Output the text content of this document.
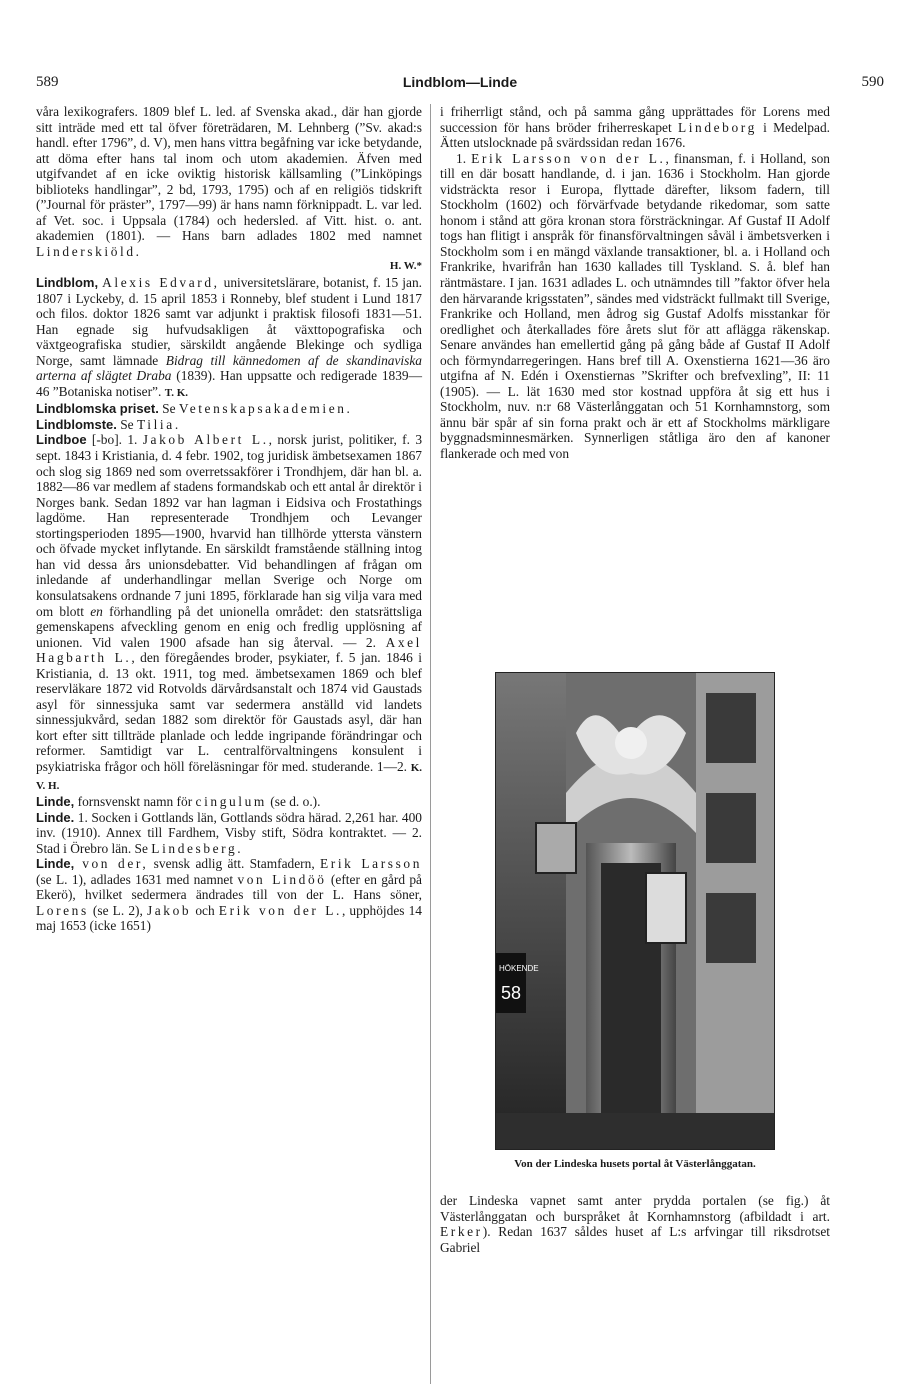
589	Lindblom—Linde	590

våra lexikografers. 1809 blef L. led. af Svenska akad., där han gjorde sitt inträde med ett tal öfver företrädaren, M. Lehnberg (”Sv. akad:s handl. efter 1796”, d. V), men hans vittra begåfning var icke betydande, att döma efter hans tal inom och utom akademien. Äfven med utgifvandet af en icke oviktig historisk källsamling (”Linköpings biblioteks handlingar”, 2 bd, 1793, 1795) och af en religiös tidskrift (”Journal för präster”, 1797—99) är hans namn förknippadt. L. var led. af Vet. soc. i Uppsala (1784) och hedersled. af Vitt. hist. o. ant. akademien (1801). — Hans barn adlades 1802 med namnet Linderskiöld.
H. W.*

Lindblom, Alexis Edvard, universitetslärare, botanist, f. 15 jan. 1807 i Lyckeby, d. 15 april 1853 i Ronneby, blef student i Lund 1817 och filos. doktor 1826 samt var adjunkt i praktisk filosofi 1831—51. Han egnade sig hufvudsakligen åt växttopografiska och växtgeografiska studier, särskildt angående Blekinge och sydliga Norge, samt lämnade Bidrag till kännedomen af de skandinaviska arterna af slägtet Draba (1839). Han uppsatte och redigerade 1839—46 ”Botaniska notiser”. T. K.

Lindblomska priset. Se Vetenskapsakademien.

Lindblomste. Se Tilia.

Lindboe [-bo]. 1. Jakob Albert L., norsk jurist, politiker, f. 3 sept. 1843 i Kristiania, d. 4 febr. 1902, tog juridisk ämbetsexamen 1867 och slog sig 1869 ned som overretssakförer i Trondhjem, där han bl. a. 1882—86 var medlem af stadens formandskab och ett antal år direktör i Norges bank. Sedan 1892 var han lagman i Eidsiva och Frostathings lagdöme. Han representerade Trondhjem och Levanger stortingsperioden 1895—1900, hvarvid han tillhörde yttersta vänstern och öfvade mycket inflytande. En särskildt framstående ställning intog han vid dessa års unionsdebatter. Vid behandlingen af frågan om inledande af underhandlingar mellan Sverige och Norge om konsulatsakens ordnande 7 juni 1895, förklarade han sig vilja vara med om blott en förhandling på det unionella området: den statsrättsliga gemenskapens afveckling genom en enig och fredlig upplösning af unionen. Vid valen 1900 afsade han sig återval. — 2. Axel Hagbarth L., den föregåendes broder, psykiater, f. 5 jan. 1846 i Kristiania, d. 13 okt. 1911, tog med. ämbetsexamen 1869 och blef reservläkare 1872 vid Rotvolds därvårdsanstalt och 1874 vid Gaustads asyl för sinnessjuka samt var sedermera anställd vid landets sinnessjukvård, sedan 1882 som direktör för Gaustads asyl, där han kort efter sitt tillträde planlade och ledde ingripande förändringar och reformer. Samtidigt var L. centralförvaltningens konsulent i psykiatriska frågor och höll föreläsningar för med. studerande. 1—2. K. V. H.

Linde, fornsvenskt namn för cingulum (se d. o.).

Linde. 1. Socken i Gottlands län, Gottlands södra härad. 2,261 har. 400 inv. (1910). Annex till Fardhem, Visby stift, Södra kontraktet. — 2. Stad i Örebro län. Se Lindesberg.

Linde, von der, svensk adlig ätt. Stamfadern, Erik Larsson (se L. 1), adlades 1631 med namnet von Lindöö (efter en gård på Ekerö), hvilket sedermera ändrades till von der L. Hans söner, Lorens (se L. 2), Jakob och Erik von der L., upphöjdes 14 maj 1653 (icke 1651)

i friherrligt stånd, och på samma gång upprättades för Lorens med succession för hans bröder friherreskapet Lindeborg i Medelpad. Ätten utslocknade på svärdssidan redan 1676.

1. Erik Larsson von der L., finansman, f. i Holland, son till en där bosatt handlande, d. i jan. 1636 i Stockholm. Han gjorde vidsträckta resor i Europa, flyttade därefter, liksom fadern, till Stockholm (1602) och förvärfvade betydande rikedomar, som satte honom i stånd att göra kronan stora försträckningar. Af Gustaf II Adolf togs han flitigt i anspråk för finansförvaltningen såväl i ämbetsverken i Stockholm som i en mängd växlande transaktioner, bl. a. i Holland och Frankrike, hvarifrån han 1630 kallades till Tyskland. S. å. blef han räntmästare. I jan. 1631 adlades L. och utnämndes till ”faktor öfver hela den härvarande krigsstaten”, sändes med vidsträckt fullmakt till Sverige, Frankrike och Holland, men ådrog sig Gustaf Adolfs misstankar för oredlighet och återkallades före årets slut för att aflägga räkenskap. Senare användes han emellertid gång på gång både af Gustaf II Adolf och förmyndarregeringen. Hans bref till A. Oxenstierna 1621—36 äro utgifna af N. Edén i Oxenstiernas ”Skrifter och brefvexling”, II: 11 (1905). — L. lät 1630 med stor kostnad uppföra åt sig ett hus i Stockholm, nuv. n:r 68 Västerlånggatan och 51 Kornhamnstorg, som ännu bär spår af sin forna prakt och är ett af Stockholms märkligare byggnadsminnesmärken. Synnerligen ståtliga äro den af kanoner flankerade och med von

HÖKENDE
58
Von der Lindeska husets portal åt Västerlånggatan.

der Lindeska vapnet samt anter prydda portalen (se fig.) åt Västerlånggatan och burspråket åt Kornhamnstorg (afbildadt i art. Erker). Redan 1637 såldes huset af L:s arfvingar till riksdrotset Gabriel
